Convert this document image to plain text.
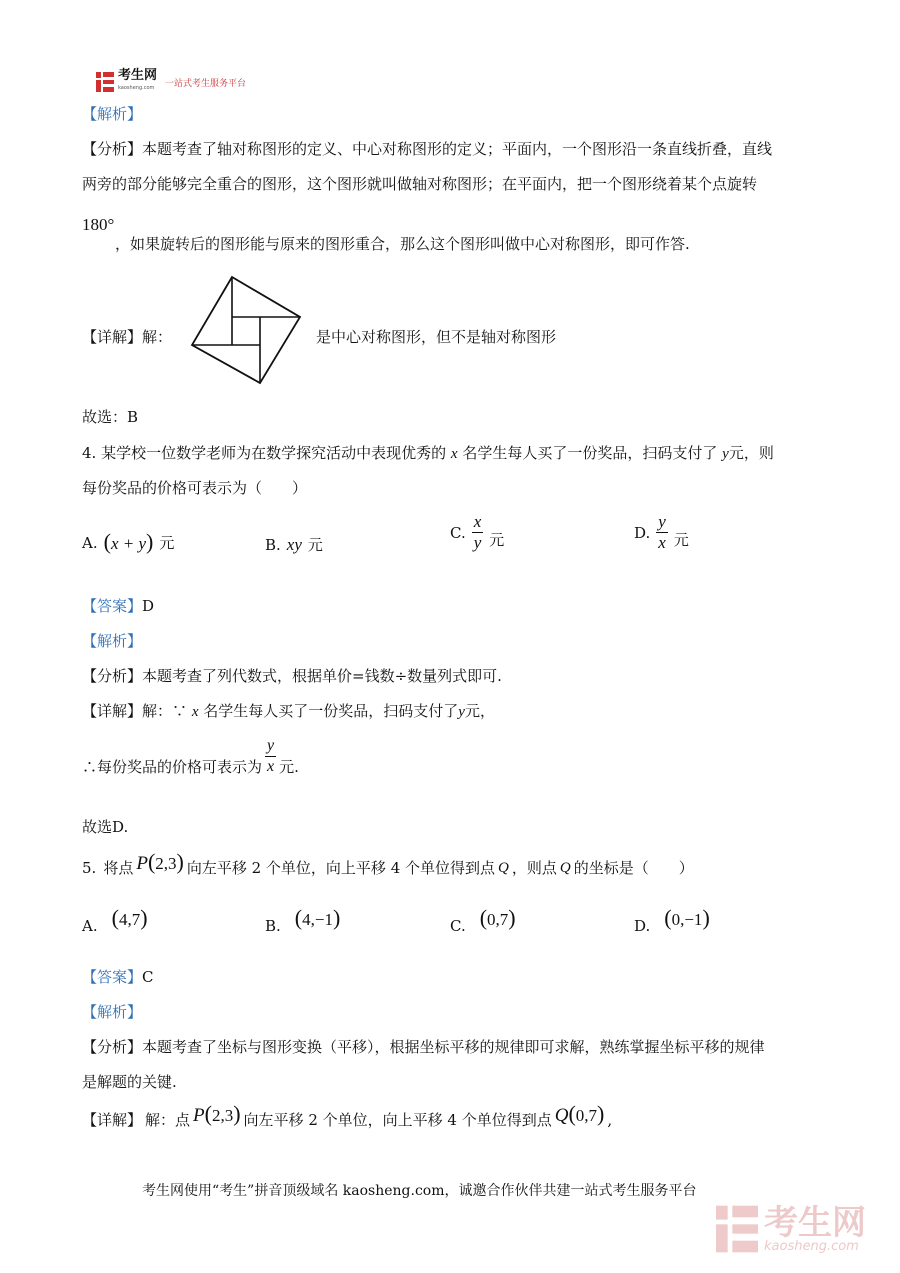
考生网
kaosheng.com 一站式考生服务平台
【解析】
【分析】本题考查了轴对称图形的定义、中心对称图形的定义；平面内，一个图形沿一条直线折叠，直线
两旁的部分能够完全重合的图形，这个图形就叫做轴对称图形；在平面内，把一个图形绕着某个点旋转
180°
，如果旋转后的图形能与原来的图形重合，那么这个图形叫做中心对称图形，即可作答.
【详解】解：	是中心对称图形，但不是轴对称图形
故选：B
4. 某学校一位数学老师为在数学探究活动中表现优秀的 x 名学生每人买了一份奖品，扫码支付了 y元，则
每份奖品的价格可表示为（　　）
A. (x + y) 元	B. xy 元
C. $\frac{x}{y}$ 元	D. $\frac{y}{x}$ 元
【答案】D
【解析】
【分析】本题考查了列代数式，根据单价=钱数÷数量列式即可.
【详解】解：∵ x 名学生每人买了一份奖品，扫码支付了y元，
∴每份奖品的价格可表示为 $\frac{y}{x}$ 元.
故选D.
5. 将点 P(2,3) 向左平移 2 个单位，向上平移 4 个单位得到点 Q ，则点 Q 的坐标是（　　）
A. (4,7)	B. (4,−1)	C. (0,7)	D. (0,−1)
【答案】C
【解析】
【分析】本题考查了坐标与图形变换（平移），根据坐标平移的规律即可求解，熟练掌握坐标平移的规律
是解题的关键.
【详解】 解：点 P(2,3) 向左平移 2 个单位，向上平移 4 个单位得到点 Q(0,7) ,
考生网使用“考生”拼音顶级域名 kaosheng.com，诚邀合作伙伴共建一站式考生服务平台
考生网
kaosheng.com
